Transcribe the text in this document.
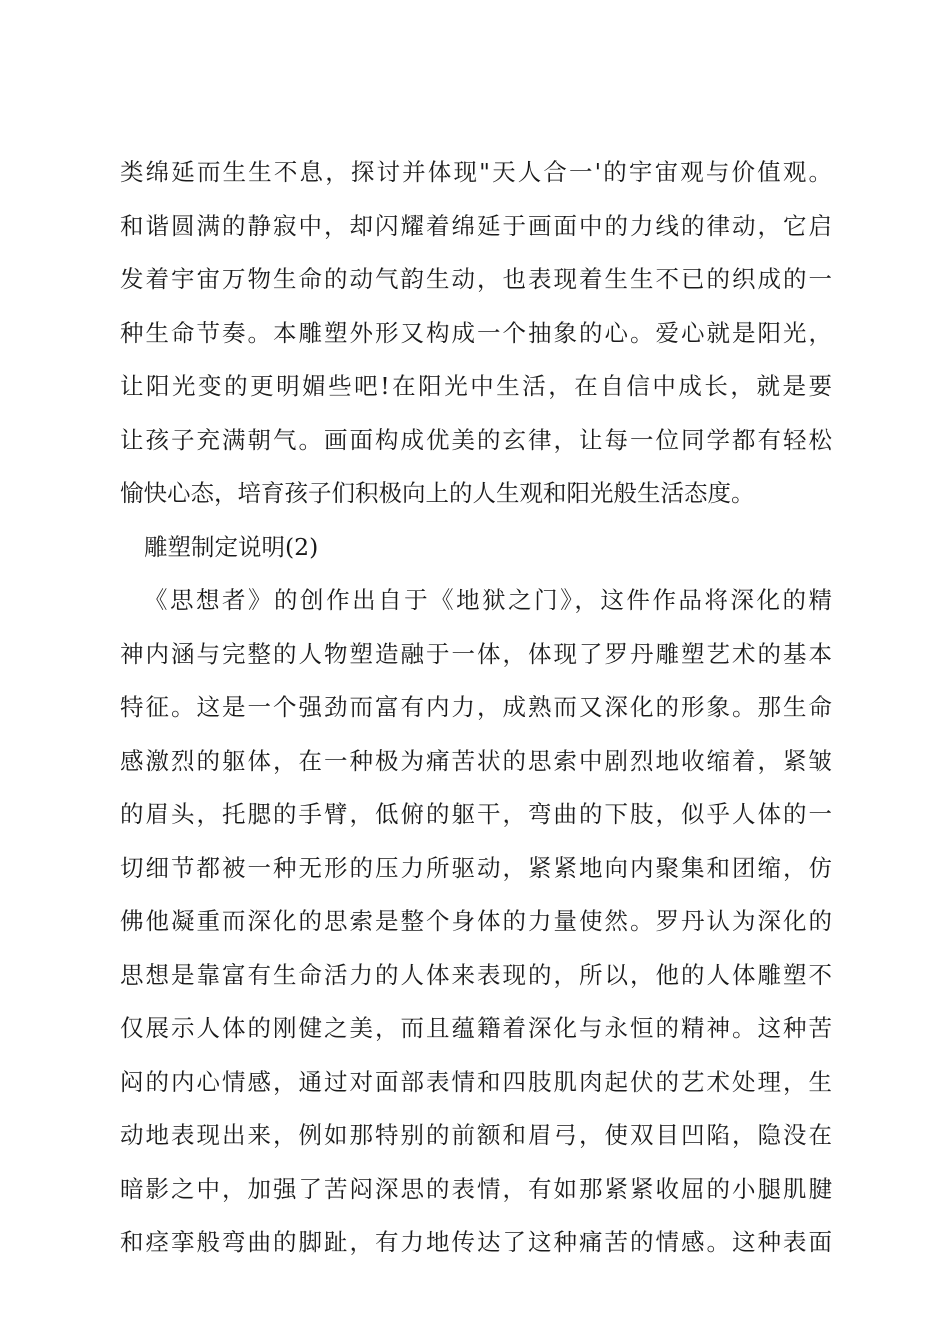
类绵延而生生不息，探讨并体现"天人合一'的宇宙观与价值观。
和谐圆满的静寂中，却闪耀着绵延于画面中的力线的律动，它启
发着宇宙万物生命的动气韵生动，也表现着生生不已的织成的一
种生命节奏。本雕塑外形又构成一个抽象的心。爱心就是阳光，
让阳光变的更明媚些吧!在阳光中生活，在自信中成长，就是要
让孩子充满朝气。画面构成优美的玄律，让每一位同学都有轻松
愉快心态，培育孩子们积极向上的人生观和阳光般生活态度。
雕塑制定说明(2)
《思想者》的创作出自于《地狱之门》，这件作品将深化的精
神内涵与完整的人物塑造融于一体，体现了罗丹雕塑艺术的基本
特征。这是一个强劲而富有内力，成熟而又深化的形象。那生命
感激烈的躯体，在一种极为痛苦状的思索中剧烈地收缩着，紧皱
的眉头，托腮的手臂，低俯的躯干，弯曲的下肢，似乎人体的一
切细节都被一种无形的压力所驱动，紧紧地向内聚集和团缩，仿
佛他凝重而深化的思索是整个身体的力量使然。罗丹认为深化的
思想是靠富有生命活力的人体来表现的，所以，他的人体雕塑不
仅展示人体的刚健之美，而且蕴籍着深化与永恒的精神。这种苦
闷的内心情感，通过对面部表情和四肢肌肉起伏的艺术处理，生
动地表现出来，例如那特别的前额和眉弓，使双目凹陷，隐没在
暗影之中，加强了苦闷深思的表情，有如那紧紧收屈的小腿肌腱
和痉挛般弯曲的脚趾，有力地传达了这种痛苦的情感。这种表面
